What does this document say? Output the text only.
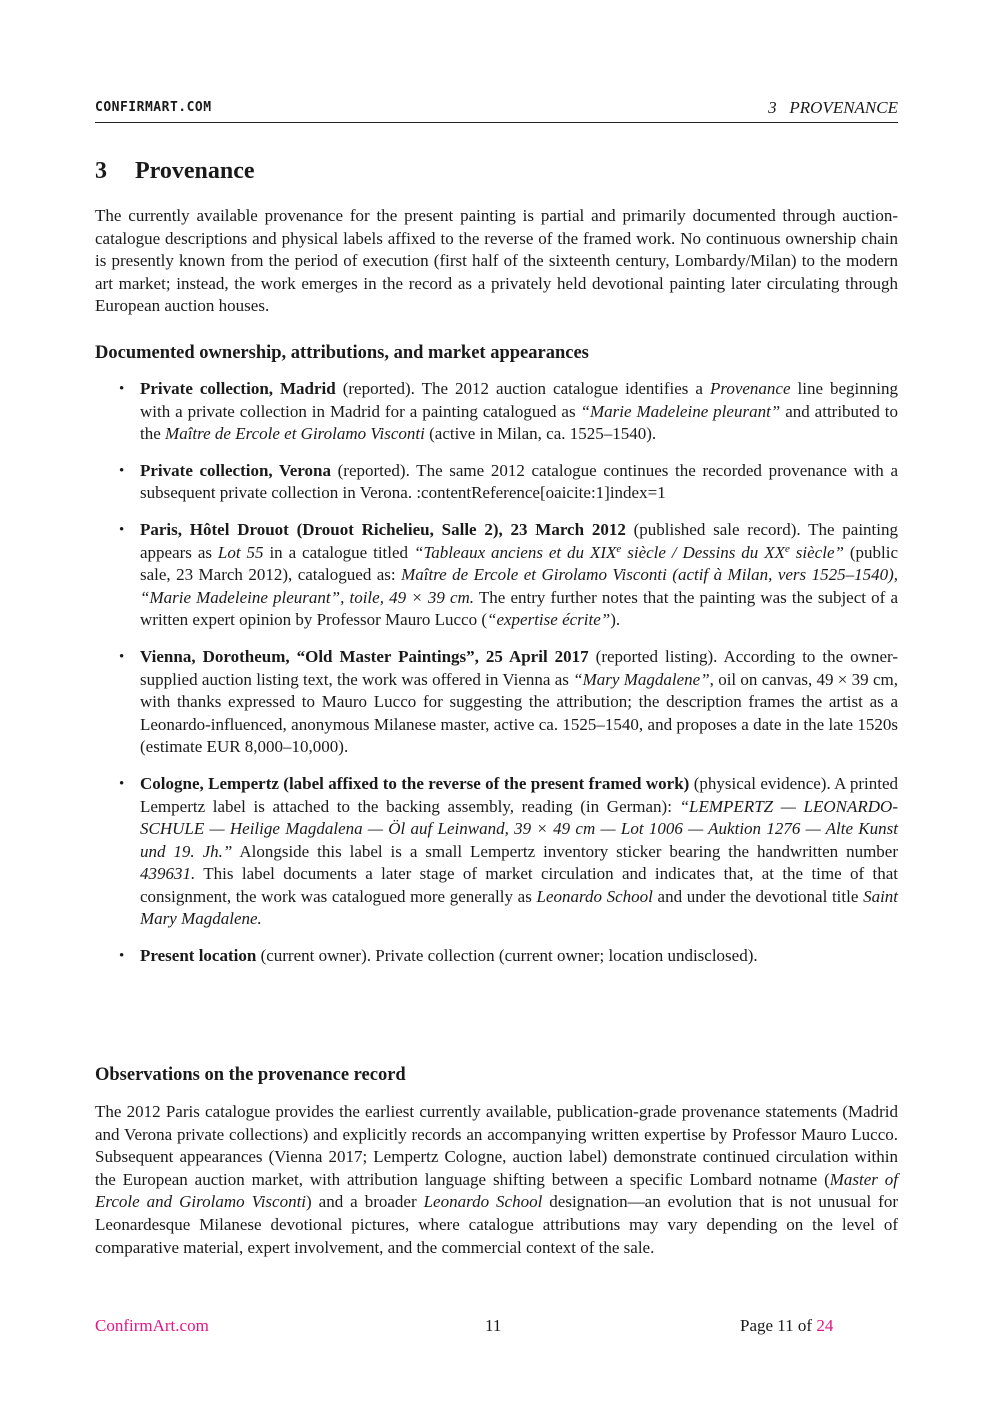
CONFIRMART.COM	3   PROVENANCE
3 Provenance

The currently available provenance for the present painting is partial and primarily documented through auction-catalogue descriptions and physical labels affixed to the reverse of the framed work. No continuous ownership chain is presently known from the period of execution (first half of the sixteenth century, Lombardy/Milan) to the modern art market; instead, the work emerges in the record as a privately held devotional painting later circulating through European auction houses.

Documented ownership, attributions, and market appearances
• Private collection, Madrid (reported). The 2012 auction catalogue identifies a Provenance line beginning with a private collection in Madrid for a painting catalogued as “Marie Madeleine pleurant” and attributed to the Maître de Ercole et Girolamo Visconti (active in Milan, ca. 1525–1540).
• Private collection, Verona (reported). The same 2012 catalogue continues the recorded provenance with a subsequent private collection in Verona. :contentReference[oaicite:1]index=1
• Paris, Hôtel Drouot (Drouot Richelieu, Salle 2), 23 March 2012 (published sale record). The painting appears as Lot 55 in a catalogue titled “Tableaux anciens et du XIXe siècle / Dessins du XXe siècle” (public sale, 23 March 2012), catalogued as: Maître de Ercole et Girolamo Visconti (actif à Milan, vers 1525–1540), “Marie Madeleine pleurant”, toile, 49 × 39 cm. The entry further notes that the painting was the subject of a written expert opinion by Professor Mauro Lucco (“expertise écrite”).
• Vienna, Dorotheum, “Old Master Paintings”, 25 April 2017 (reported listing). According to the owner-supplied auction listing text, the work was offered in Vienna as “Mary Magdalene”, oil on canvas, 49 × 39 cm, with thanks expressed to Mauro Lucco for suggesting the attribution; the description frames the artist as a Leonardo-influenced, anonymous Milanese master, active ca. 1525–1540, and proposes a date in the late 1520s (estimate EUR 8,000–10,000).
• Cologne, Lempertz (label affixed to the reverse of the present framed work) (physical evidence). A printed Lempertz label is attached to the backing assembly, reading (in German): “LEMPERTZ — LEONARDO-SCHULE — Heilige Magdalena — Öl auf Leinwand, 39 × 49 cm — Lot 1006 — Auktion 1276 — Alte Kunst und 19. Jh.” Alongside this label is a small Lempertz inventory sticker bearing the handwritten number 439631. This label documents a later stage of market circulation and indicates that, at the time of that consignment, the work was catalogued more generally as Leonardo School and under the devotional title Saint Mary Magdalene.
• Present location (current owner). Private collection (current owner; location undisclosed).
Observations on the provenance record

The 2012 Paris catalogue provides the earliest currently available, publication-grade provenance statements (Madrid and Verona private collections) and explicitly records an accompanying written expertise by Professor Mauro Lucco. Subsequent appearances (Vienna 2017; Lempertz Cologne, auction label) demonstrate continued circulation within the European auction market, with attribution language shifting between a specific Lombard notname (Master of Ercole and Girolamo Visconti) and a broader Leonardo School designation—an evolution that is not unusual for Leonardesque Milanese devotional pictures, where catalogue attributions may vary depending on the level of comparative material, expert involvement, and the commercial context of the sale.

ConfirmArt.com	11	Page 11 of 24
